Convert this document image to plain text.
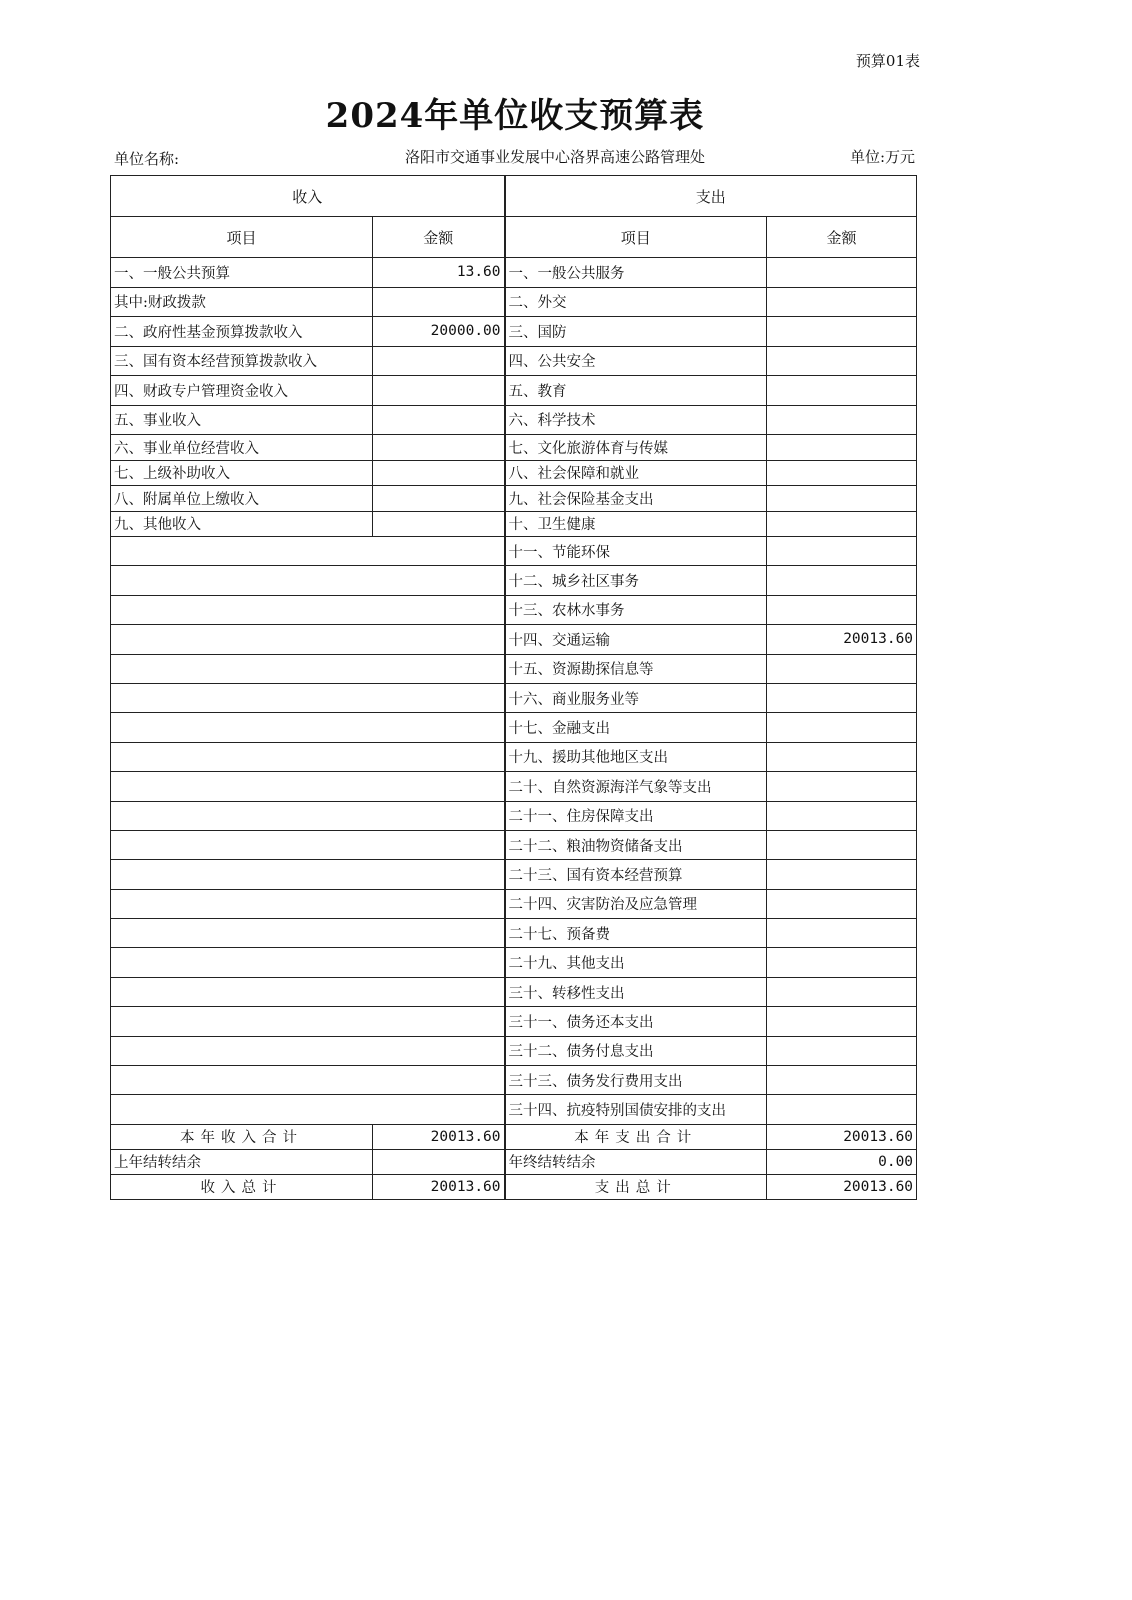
预算01表
2024年单位收支预算表
单位名称:	洛阳市交通事业发展中心洛界高速公路管理处	单位:万元
收入		支出	
项目	金额	项目	金额
一、一般公共预算	13.60	一、一般公共服务	
其中:财政拨款		二、外交	
二、政府性基金预算拨款收入	20000.00	三、国防	
三、国有资本经营预算拨款收入		四、公共安全	
四、财政专户管理资金收入		五、教育	
五、事业收入		六、科学技术	
六、事业单位经营收入		七、文化旅游体育与传媒	
七、上级补助收入		八、社会保障和就业	
八、附属单位上缴收入		九、社会保险基金支出	
九、其他收入		十、卫生健康	
		十一、节能环保	
		十二、城乡社区事务	
		十三、农林水事务	
		十四、交通运输	20013.60
		十五、资源勘探信息等	
		十六、商业服务业等	
		十七、金融支出	
		十九、援助其他地区支出	
		二十、自然资源海洋气象等支出	
		二十一、住房保障支出	
		二十二、粮油物资储备支出	
		二十三、国有资本经营预算	
		二十四、灾害防治及应急管理	
		二十七、预备费	
		二十九、其他支出	
		三十、转移性支出	
		三十一、债务还本支出	
		三十二、债务付息支出	
		三十三、债务发行费用支出	
		三十四、抗疫特别国债安排的支出	
本年收入合计	20013.60	本年支出合计	20013.60
上年结转结余		年终结转结余	0.00
收入总计	20013.60	支出总计	20013.60
